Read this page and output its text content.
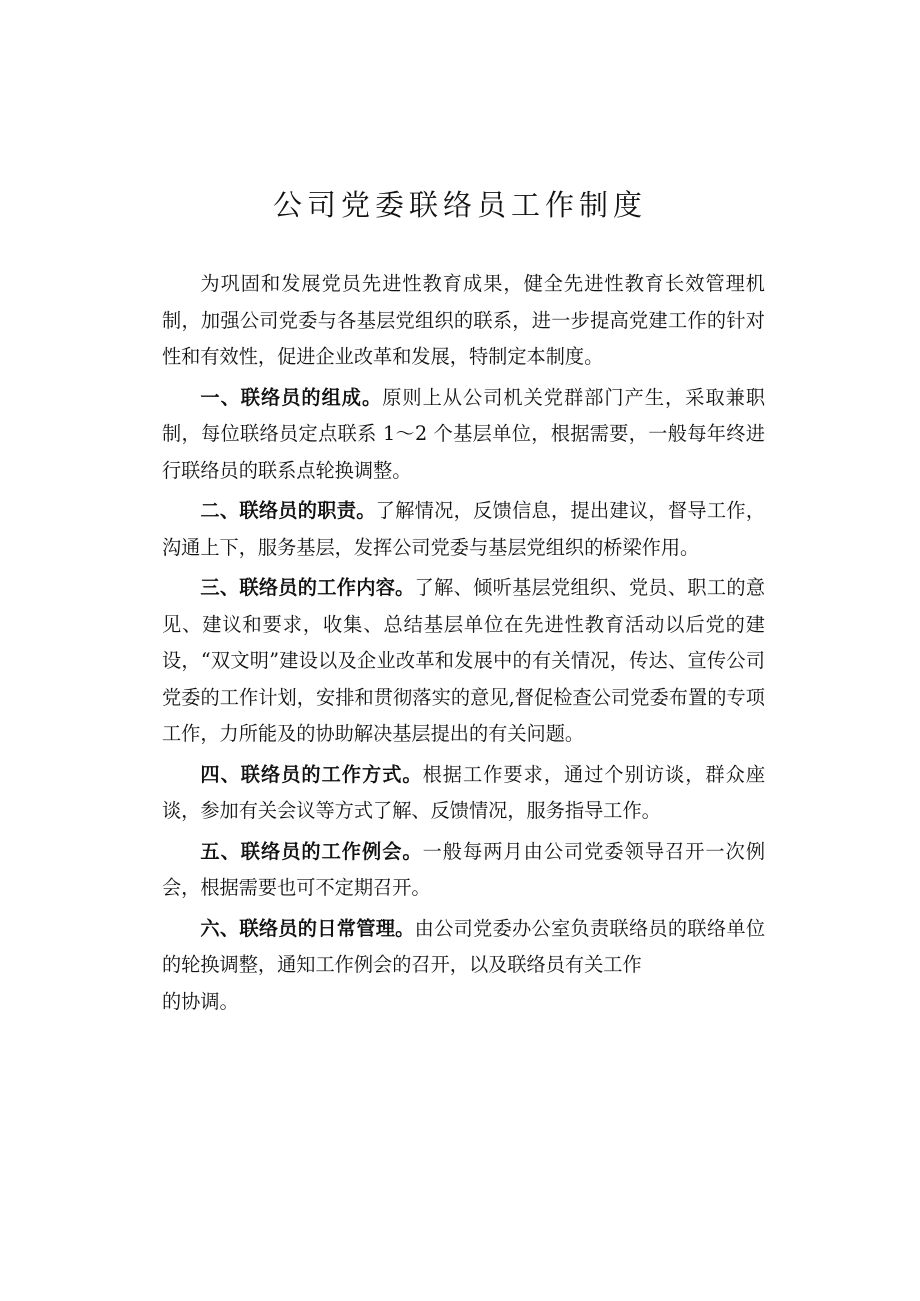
公司党委联络员工作制度

为巩固和发展党员先进性教育成果，健全先进性教育长效管理机制，加强公司党委与各基层党组织的联系，进一步提高党建工作的针对性和有效性，促进企业改革和发展，特制定本制度。

一、联络员的组成。原则上从公司机关党群部门产生，采取兼职制，每位联络员定点联系 1～2 个基层单位，根据需要，一般每年终进行联络员的联系点轮换调整。

二、联络员的职责。了解情况，反馈信息，提出建议，督导工作，沟通上下，服务基层，发挥公司党委与基层党组织的桥梁作用。

三、联络员的工作内容。了解、倾听基层党组织、党员、职工的意见、建议和要求，收集、总结基层单位在先进性教育活动以后党的建设，“双文明”建设以及企业改革和发展中的有关情况，传达、宣传公司党委的工作计划，安排和贯彻落实的意见,督促检查公司党委布置的专项工作，力所能及的协助解决基层提出的有关问题。

四、联络员的工作方式。根据工作要求，通过个别访谈，群众座谈，参加有关会议等方式了解、反馈情况，服务指导工作。

五、联络员的工作例会。一般每两月由公司党委领导召开一次例会，根据需要也可不定期召开。

六、联络员的日常管理。由公司党委办公室负责联络员的联络单位的轮换调整，通知工作例会的召开，以及联络员有关工作
的协调。
